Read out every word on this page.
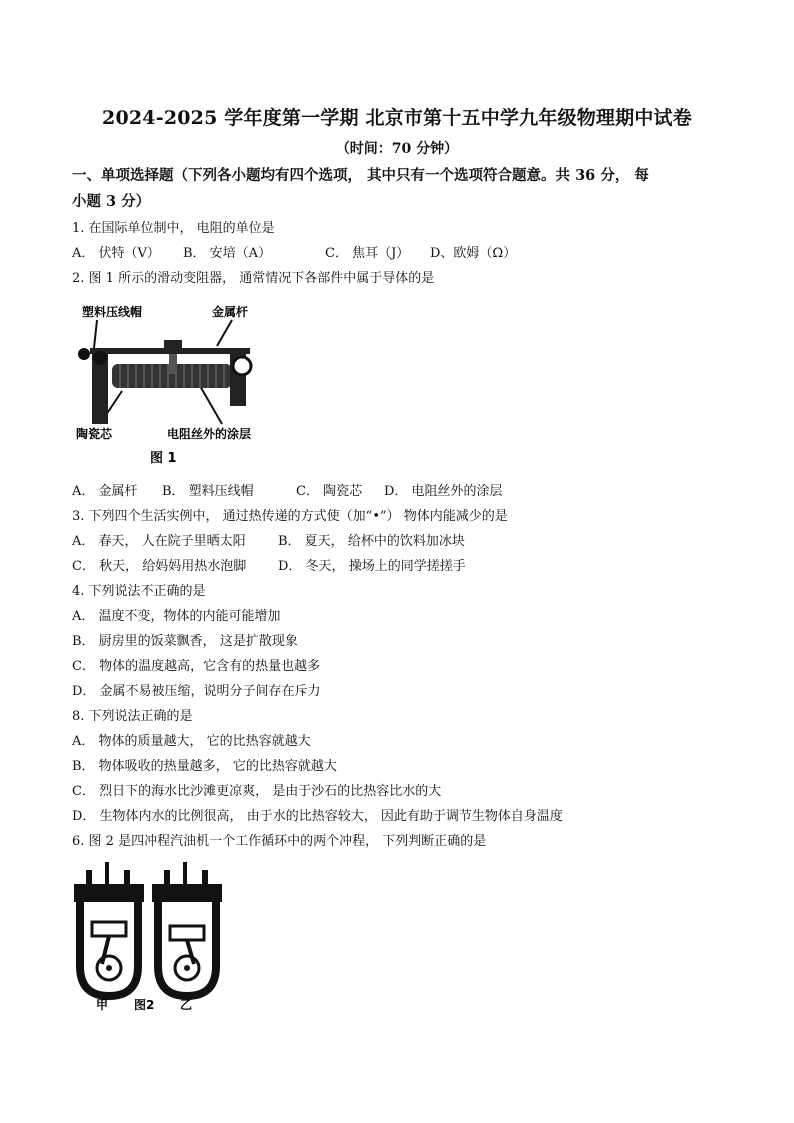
2024-2025 学年度第一学期 北京市第十五中学九年级物理期中试卷
（时间：70 分钟）
一、单项选择题（下列各小题均有四个选项， 其中只有一个选项符合题意。共 36 分， 每
小题 3 分）
1. 在国际单位制中， 电阻的单位是
A． 伏特（V） B． 安培（A）	C． 焦耳（J） D、欧姆（Ω）
2. 图 1 所示的滑动变阻器， 通常情况下各部件中属于导体的是
塑料压线帽	金属杆
陶瓷芯	电阻丝外的涂层
图 1
A． 金属杆 B． 塑料压线帽	C． 陶瓷芯 D． 电阻丝外的涂层
3. 下列四个生活实例中， 通过热传递的方式使（加“•”） 物体内能减少的是
A． 春天， 人在院子里晒太阳 B． 夏天， 给杯中的饮料加冰块
C． 秋天， 给妈妈用热水泡脚 D． 冬天， 操场上的同学搓搓手
4. 下列说法不正确的是
A． 温度不变，物体的内能可能增加
B． 厨房里的饭菜飘香， 这是扩散现象
C． 物体的温度越高，它含有的热量也越多
D． 金属不易被压缩，说明分子间存在斥力
8. 下列说法正确的是
A． 物体的质量越大， 它的比热容就越大
B． 物体吸收的热量越多， 它的比热容就越大
C． 烈日下的海水比沙滩更凉爽， 是由于沙石的比热容比水的大
D． 生物体内水的比例很高， 由于水的比热容较大， 因此有助于调节生物体自身温度
6. 图 2 是四冲程汽油机一个工作循环中的两个冲程， 下列判断正确的是
甲 图2 乙
